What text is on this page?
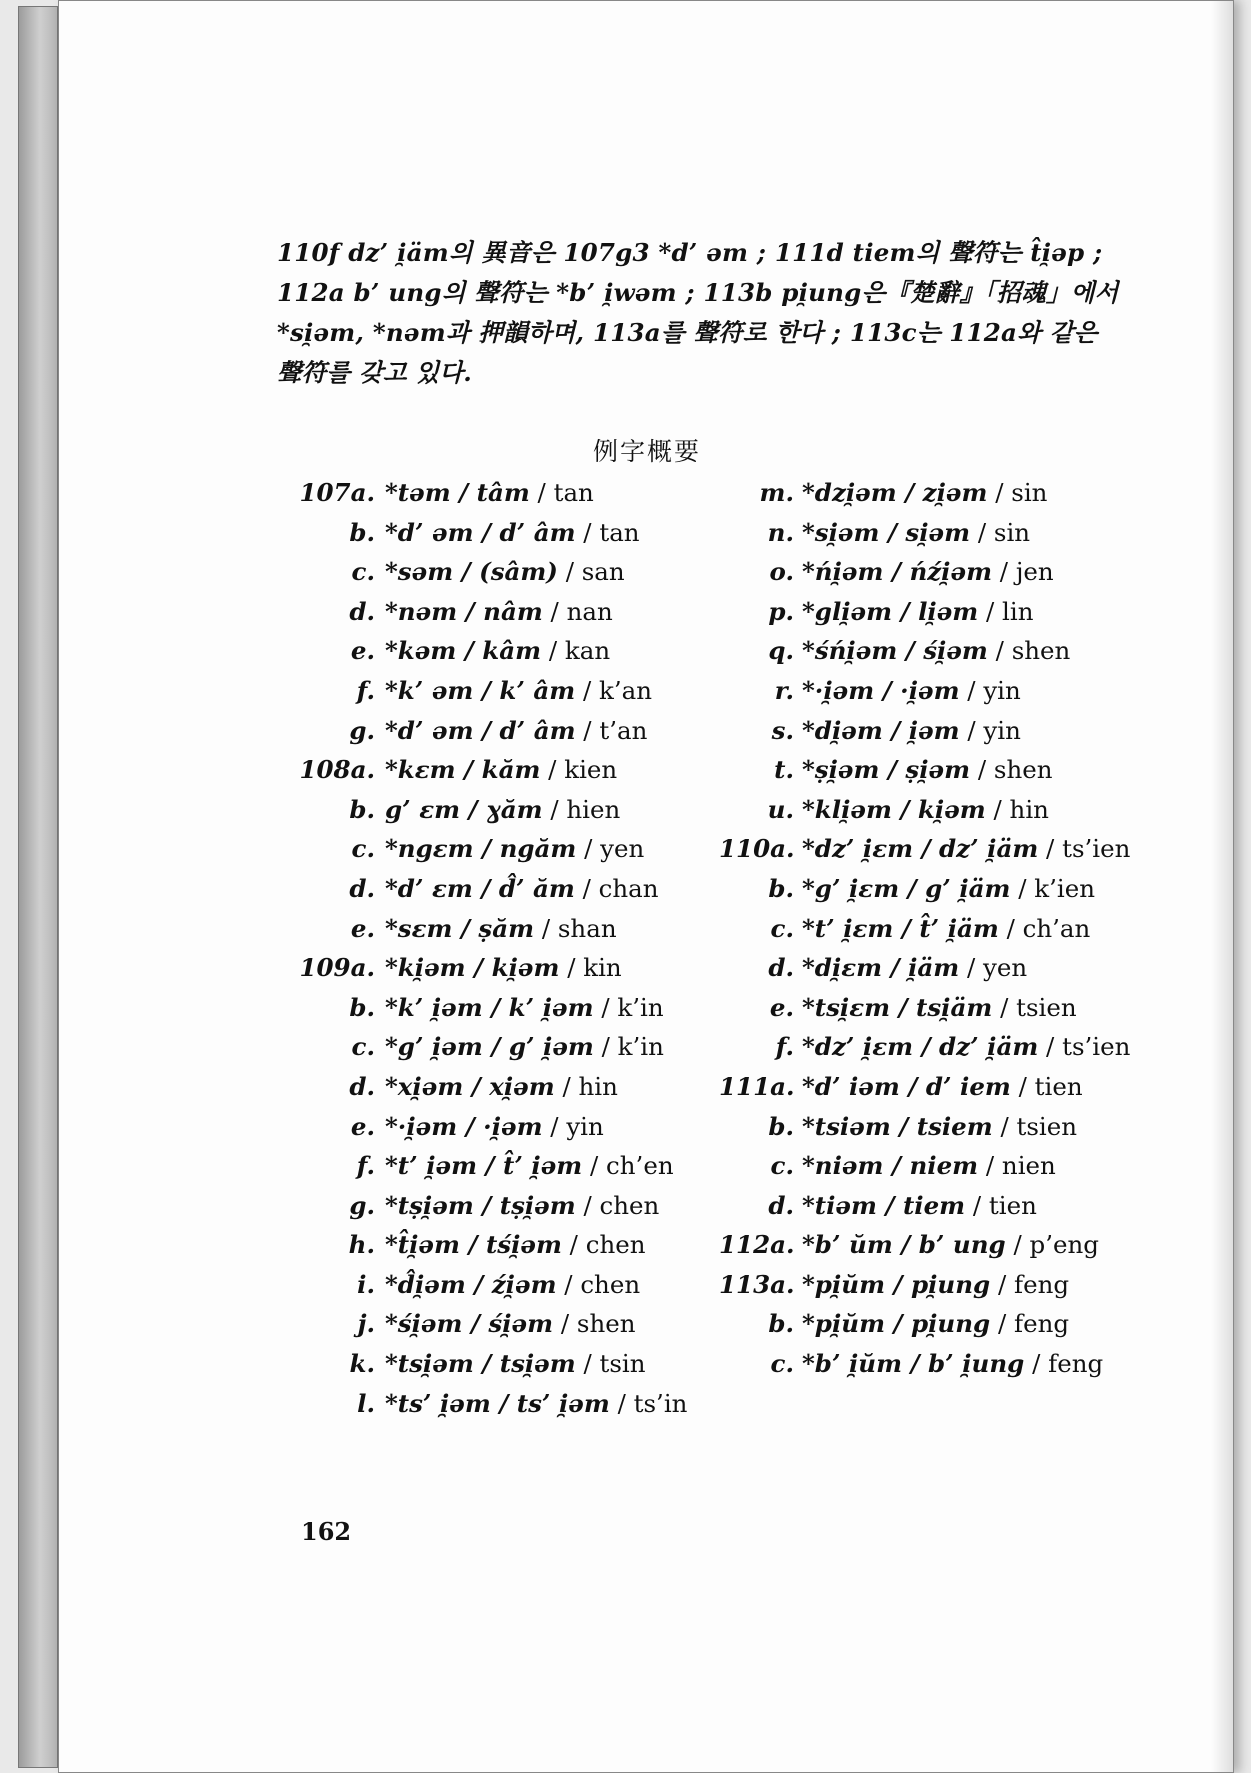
110f dz’ i̯äm의 異音은 107g3 *d’ əm ; 111d tiem의 聲符는 t̂i̯əp ;
112a b’ ung의 聲符는 *b’ i̯wəm ; 113b pi̯ung은『楚辭』「招魂」에서
*si̯əm, *nəm과 押韻하며, 113a를 聲符로 한다 ; 113c는 112a와 같은
聲符를 갖고 있다.
例字概要
107a. *təm / tâm / tan
b. *d’ əm / d’ âm / tan
c. *səm / (sâm) / san
d. *nəm / nâm / nan
e. *kəm / kâm / kan
f. *k’ əm / k’ âm / k’an
g. *d’ əm / d’ âm / t’an
108a. *kɛm / kăm / kien
b. g’ ɛm / ɣăm / hien
c. *ngɛm / ngăm / yen
d. *d’ ɛm / d̂’ ăm / chan
e. *sɛm / ṣăm / shan
109a. *ki̯əm / ki̯əm / kin
b. *k’ i̯əm / k’ i̯əm / k’in
c. *g’ i̯əm / g’ i̯əm / k’in
d. *xi̯əm / xi̯əm / hin
e. *·i̯əm / ·i̯əm / yin
f. *t’ i̯əm / t̂’ i̯əm / ch’en
g. *tṣi̯əm / tṣi̯əm / chen
h. *t̂i̯əm / tśi̯əm / chen
i. *d̂i̯əm / źi̯əm / chen
j. *śi̯əm / śi̯əm / shen
k. *tsi̯əm / tsi̯əm / tsin
l. *ts’ i̯əm / ts’ i̯əm / ts’in
m. *dzi̯əm / zi̯əm / sin
n. *si̯əm / si̯əm / sin
o. *ńi̯əm / ńźi̯əm / jen
p. *gli̯əm / li̯əm / lin
q. *śńi̯əm / śi̯əm / shen
r. *·i̯əm / ·i̯əm / yin
s. *di̯əm / i̯əm / yin
t. *ṣi̯əm / ṣi̯əm / shen
u. *kli̯əm / ki̯əm / hin
110a. *dz’ i̯ɛm / dz’ i̯äm / ts’ien
b. *g’ i̯ɛm / g’ i̯äm / k’ien
c. *t’ i̯ɛm / t̂’ i̯äm / ch’an
d. *di̯ɛm / i̯äm / yen
e. *tsi̯ɛm / tsi̯äm / tsien
f. *dz’ i̯ɛm / dz’ i̯äm / ts’ien
111a. *d’ iəm / d’ iem / tien
b. *tsiəm / tsiem / tsien
c. *niəm / niem / nien
d. *tiəm / tiem / tien
112a. *b’ ŭm / b’ ung / p’eng
113a. *pi̯ŭm / pi̯ung / feng
b. *pi̯ŭm / pi̯ung / feng
c. *b’ i̯ŭm / b’ i̯ung / feng
162
